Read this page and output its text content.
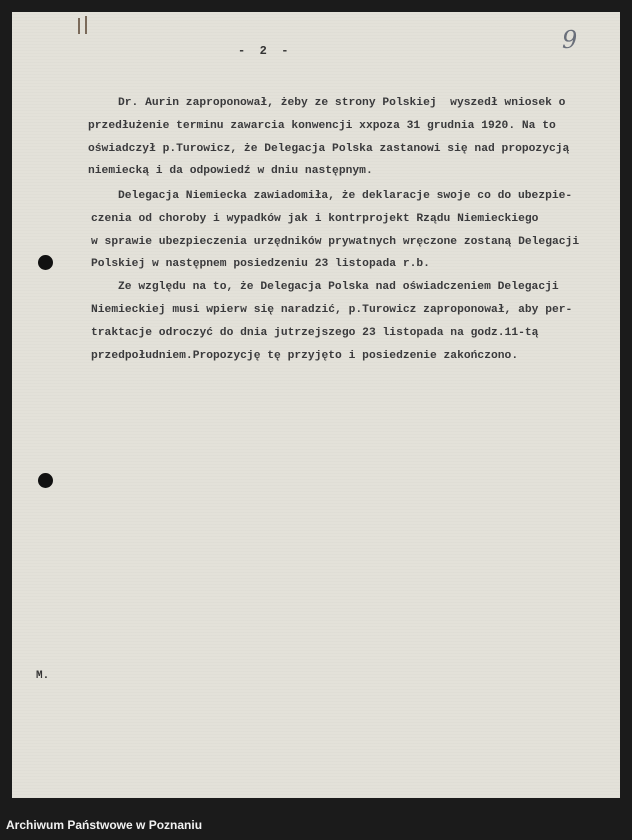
-  2  -	9
Dr. Aurin zaproponował, żeby ze strony Polskiej  wyszedł wniosek o
przedłużenie terminu zawarcia konwencji xxpoza 31 grudnia 1920. Na to
oświadczył p.Turowicz, że Delegacja Polska zastanowi się nad propozycją
niemiecką i da odpowiedź w dniu następnym.
Delegacja Niemiecka zawiadomiła, że deklaracje swoje co do ubezpie-
czenia od choroby i wypadków jak i kontrprojekt Rządu Niemieckiego
w sprawie ubezpieczenia urzędników prywatnych wręczone zostaną Delegacji
Polskiej w następnem posiedzeniu 23 listopada r.b.
Ze względu na to, że Delegacja Polska nad oświadczeniem Delegacji
Niemieckiej musi wpierw się naradzić, p.Turowicz zaproponował, aby per-
traktacje odroczyć do dnia jutrzejszego 23 listopada na godz.11-tą
przedpołudniem.Propozycję tę przyjęto i posiedzenie zakończono.
M.
Archiwum Państwowe w Poznaniu
